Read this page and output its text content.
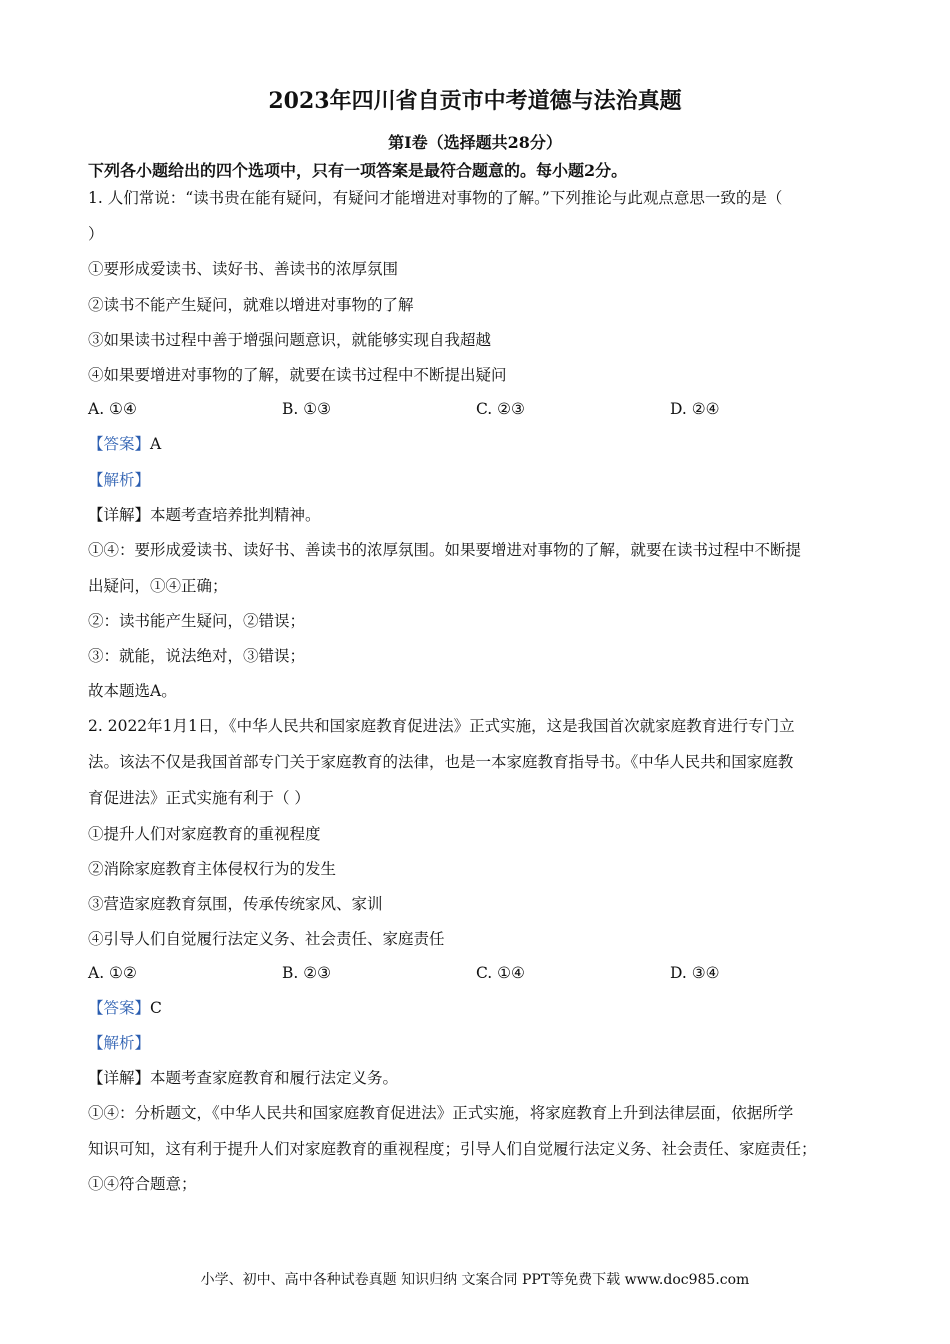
2023年四川省自贡市中考道德与法治真题
第I卷（选择题共28分）
下列各小题给出的四个选项中，只有一项答案是最符合题意的。每小题2分。
1. 人们常说：“读书贵在能有疑问，有疑问才能增进对事物的了解。”下列推论与此观点意思一致的是（
）
①要形成爱读书、读好书、善读书的浓厚氛围
②读书不能产生疑问，就难以增进对事物的了解
③如果读书过程中善于增强问题意识，就能够实现自我超越
④如果要增进对事物的了解，就要在读书过程中不断提出疑问
A. ①④	B. ①③	C. ②③	D. ②④
【答案】A
【解析】
【详解】本题考查培养批判精神。
①④：要形成爱读书、读好书、善读书的浓厚氛围。如果要增进对事物的了解，就要在读书过程中不断提
出疑问，①④正确；
②：读书能产生疑问，②错误；
③：就能，说法绝对，③错误；
故本题选A。
2. 2022年1月1日，《中华人民共和国家庭教育促进法》正式实施，这是我国首次就家庭教育进行专门立
法。该法不仅是我国首部专门关于家庭教育的法律，也是一本家庭教育指导书。《中华人民共和国家庭教
育促进法》正式实施有利于（ ）
①提升人们对家庭教育的重视程度
②消除家庭教育主体侵权行为的发生
③营造家庭教育氛围，传承传统家风、家训
④引导人们自觉履行法定义务、社会责任、家庭责任
A. ①②	B. ②③	C. ①④	D. ③④
【答案】C
【解析】
【详解】本题考查家庭教育和履行法定义务。
①④：分析题文，《中华人民共和国家庭教育促进法》正式实施，将家庭教育上升到法律层面，依据所学
知识可知，这有利于提升人们对家庭教育的重视程度；引导人们自觉履行法定义务、社会责任、家庭责任；
①④符合题意；
小学、初中、高中各种试卷真题 知识归纳 文案合同 PPT等免费下载 www.doc985.com
